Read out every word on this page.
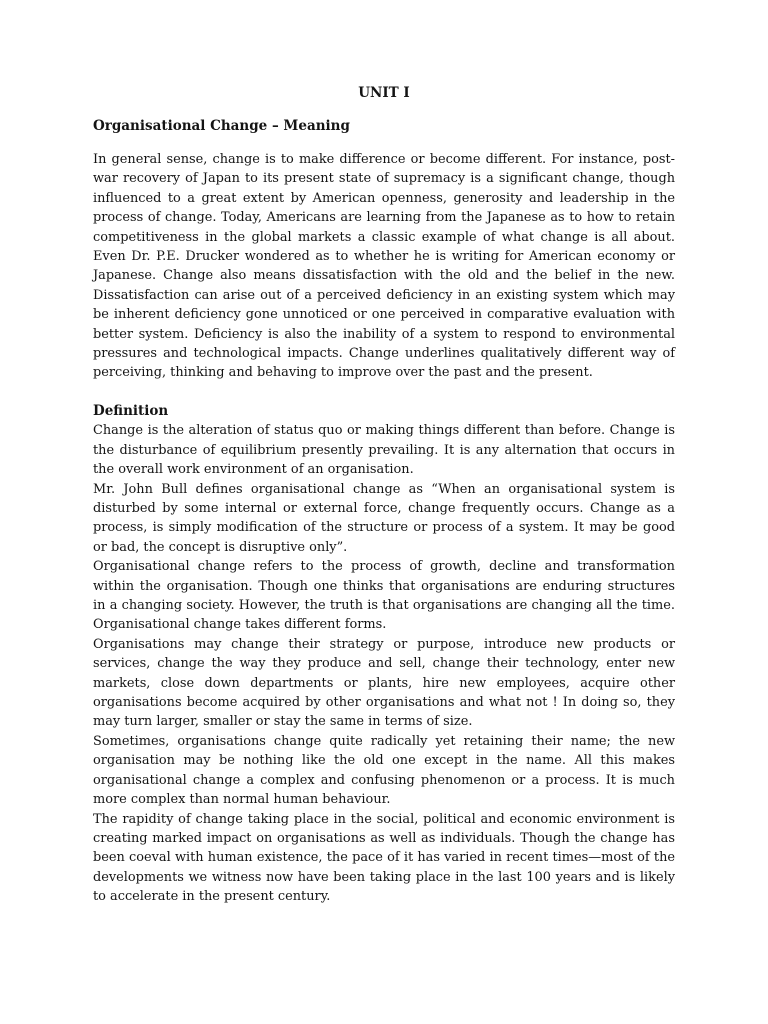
UNIT I
Organisational Change – Meaning

In general sense, change is to make difference or become different. For instance, post-war recovery of Japan to its present state of supremacy is a significant change, though influenced to a great extent by American openness, generosity and leadership in the process of change. Today, Americans are learning from the Japanese as to how to retain competitiveness in the global markets a classic example of what change is all about. Even Dr. P.E. Drucker wondered as to whether he is writing for American economy or Japanese. Change also means dissatisfaction with the old and the belief in the new. Dissatisfaction can arise out of a perceived deficiency in an existing system which may be inherent deficiency gone unnoticed or one perceived in comparative evaluation with better system. Deficiency is also the inability of a system to respond to environmental pressures and technological impacts. Change underlines qualitatively different way of perceiving, thinking and behaving to improve over the past and the present.

Definition

Change is the alteration of status quo or making things different than before. Change is the disturbance of equilibrium presently prevailing. It is any alternation that occurs in the overall work environment of an organisation.

Mr. John Bull defines organisational change as “When an organisational system is disturbed by some internal or external force, change frequently occurs. Change as a process, is simply modification of the structure or process of a system. It may be good or bad, the concept is disruptive only”.

Organisational change refers to the process of growth, decline and transformation within the organisation. Though one thinks that organisations are enduring structures in a changing society. However, the truth is that organisations are changing all the time. Organisational change takes different forms.

Organisations may change their strategy or purpose, introduce new products or services, change the way they produce and sell, change their technology, enter new markets, close down departments or plants, hire new employees, acquire other organisations become acquired by other organisations and what not ! In doing so, they may turn larger, smaller or stay the same in terms of size.

Sometimes, organisations change quite radically yet retaining their name; the new organisation may be nothing like the old one except in the name. All this makes organisational change a complex and confusing phenomenon or a process. It is much more complex than normal human behaviour.

The rapidity of change taking place in the social, political and economic environment is creating marked impact on organisations as well as individuals. Though the change has been coeval with human existence, the pace of it has varied in recent times—most of the developments we witness now have been taking place in the last 100 years and is likely to accelerate in the present century.
